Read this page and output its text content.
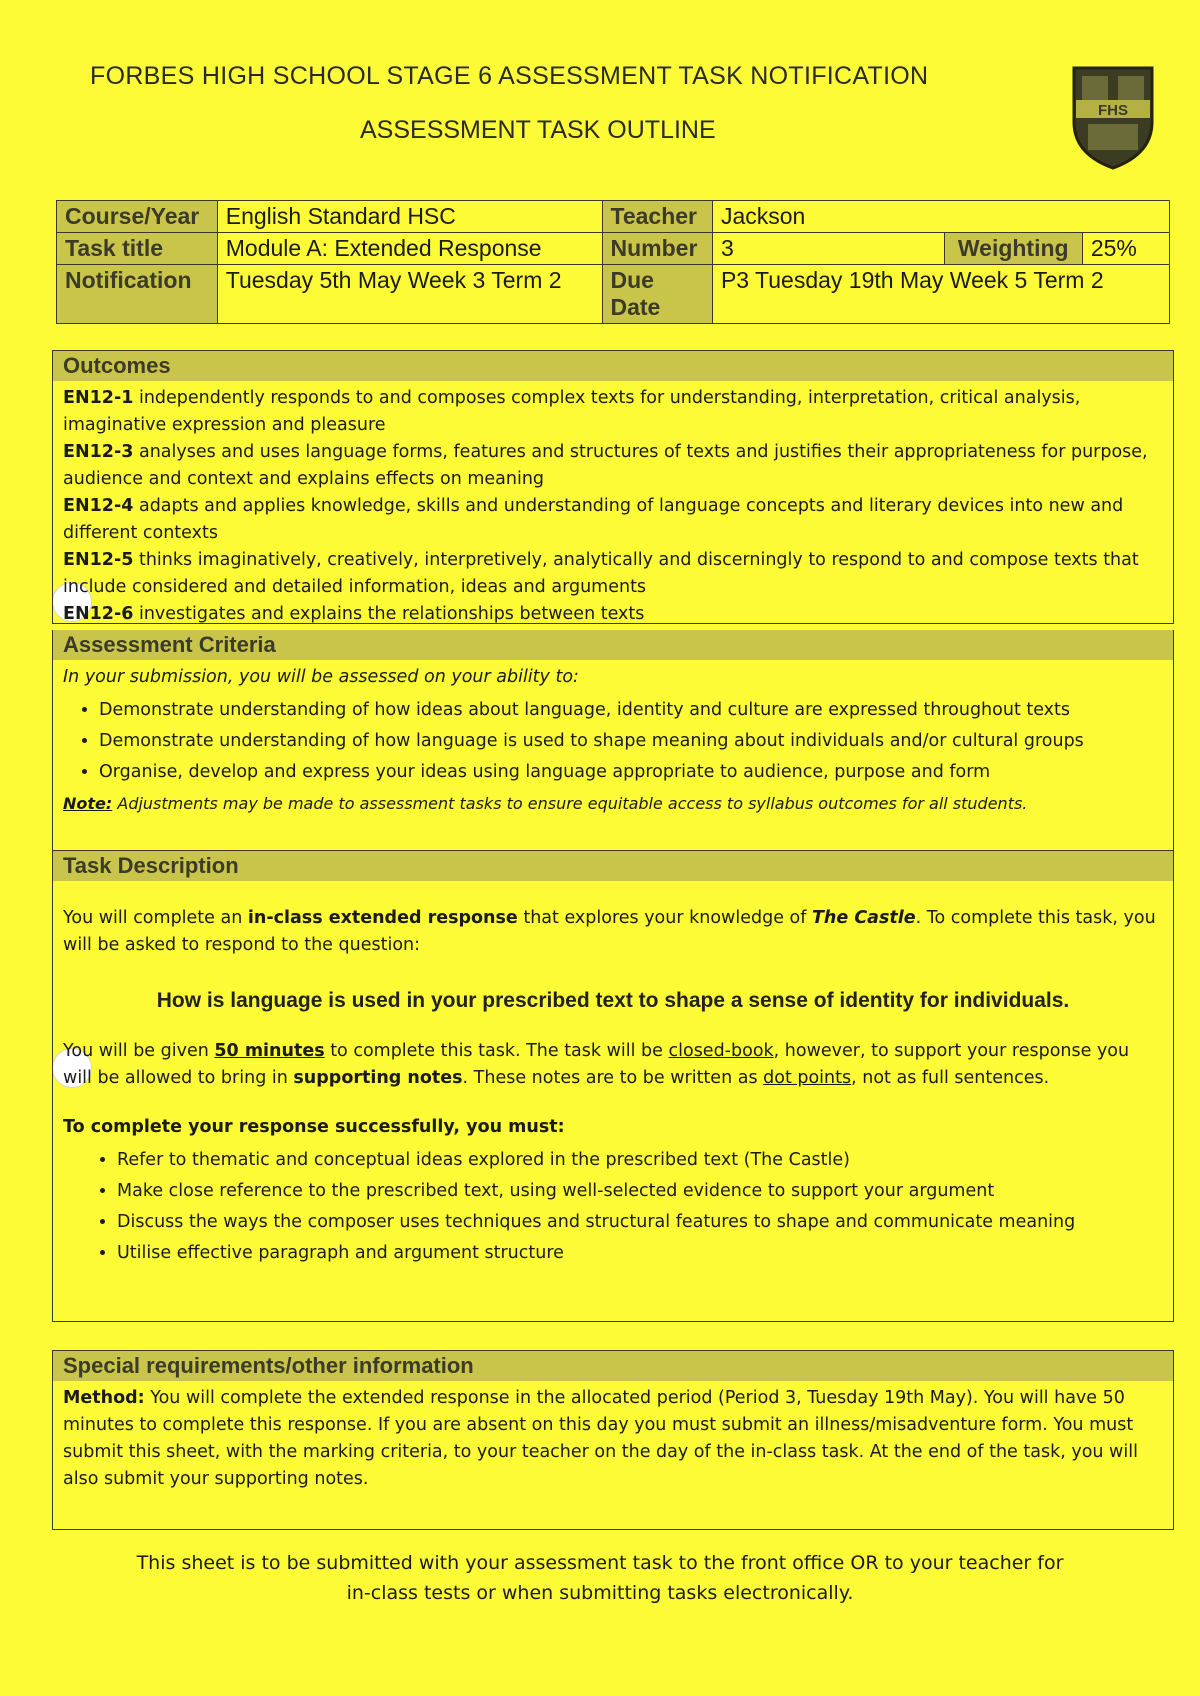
FORBES HIGH SCHOOL STAGE 6 ASSESSMENT TASK NOTIFICATION
ASSESSMENT TASK OUTLINE
FHS
Course/Year	English Standard HSC	Teacher	Jackson		
Task title	Module A: Extended Response	Number	3	Weighting	25%
Notification	Tuesday 5th May Week 3 Term 2	Due Date	P3 Tuesday 19th May Week 5 Term 2		
Outcomes

EN12-1 independently responds to and composes complex texts for understanding, interpretation, critical analysis, imaginative expression and pleasure

EN12-3 analyses and uses language forms, features and structures of texts and justifies their appropriateness for purpose, audience and context and explains effects on meaning

EN12-4 adapts and applies knowledge, skills and understanding of language concepts and literary devices into new and different contexts

EN12-5 thinks imaginatively, creatively, interpretively, analytically and discerningly to respond to and compose texts that include considered and detailed information, ideas and arguments

EN12-6 investigates and explains the relationships between texts

Assessment Criteria

In your submission, you will be assessed on your ability to:

• Demonstrate understanding of how ideas about language, identity and culture are expressed throughout texts
• Demonstrate understanding of how language is used to shape meaning about individuals and/or cultural groups
• Organise, develop and express your ideas using language appropriate to audience, purpose and form

Note: Adjustments may be made to assessment tasks to ensure equitable access to syllabus outcomes for all students.

Task Description

You will complete an in-class extended response that explores your knowledge of The Castle. To complete this task, you will be asked to respond to the question:

How is language is used in your prescribed text to shape a sense of identity for individuals.

You will be given 50 minutes to complete this task. The task will be closed-book, however, to support your response you will be allowed to bring in supporting notes. These notes are to be written as dot points, not as full sentences.

To complete your response successfully, you must:

• Refer to thematic and conceptual ideas explored in the prescribed text (The Castle)
• Make close reference to the prescribed text, using well-selected evidence to support your argument
• Discuss the ways the composer uses techniques and structural features to shape and communicate meaning
• Utilise effective paragraph and argument structure
Special requirements/other information

Method: You will complete the extended response in the allocated period (Period 3, Tuesday 19th May). You will have 50 minutes to complete this response. If you are absent on this day you must submit an illness/misadventure form. You must submit this sheet, with the marking criteria, to your teacher on the day of the in-class task. At the end of the task, you will also submit your supporting notes.

This sheet is to be submitted with your assessment task to the front office OR to your teacher for
in-class tests or when submitting tasks electronically.
